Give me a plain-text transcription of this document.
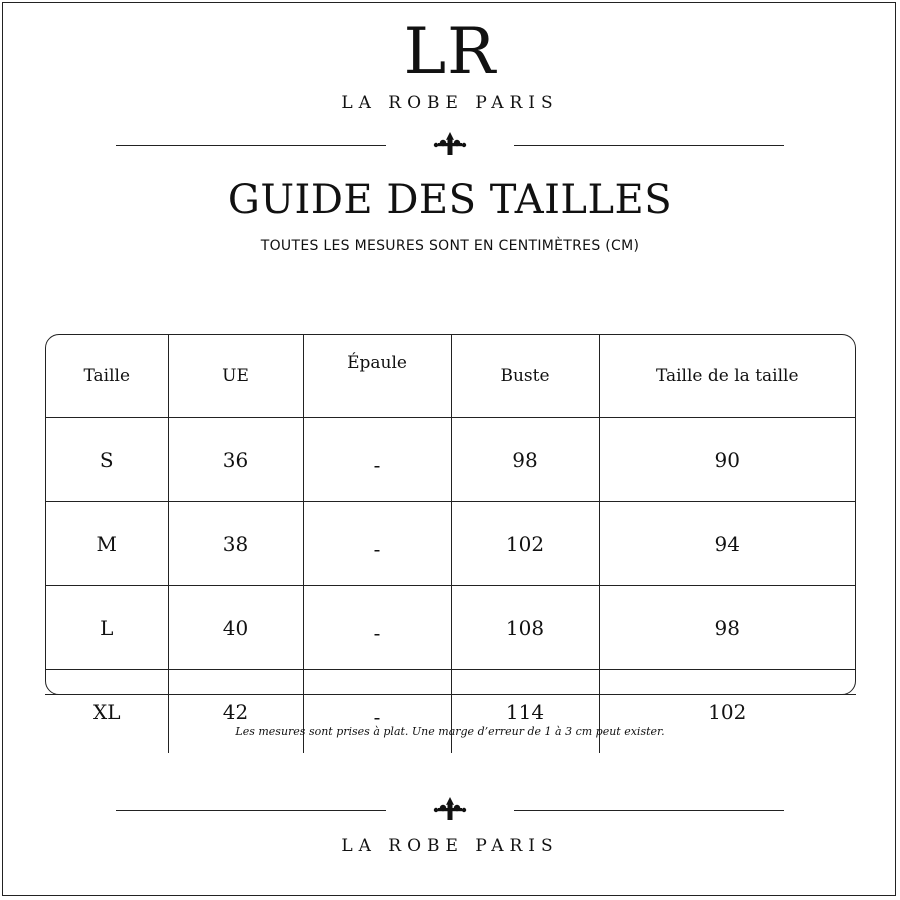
LR
LA ROBE PARIS
GUIDE DES TAILLES
TOUTES LES MESURES SONT EN CENTIMÈTRES (CM)
Taille	UE	Épaule	Buste	Taille de la taille
S	36	-	98	90
M	38	-	102	94
L	40	-	108	98
XL	42	-	114	102
Les mesures sont prises à plat. Une marge d’erreur de 1 à 3 cm peut exister.
LA ROBE PARIS
